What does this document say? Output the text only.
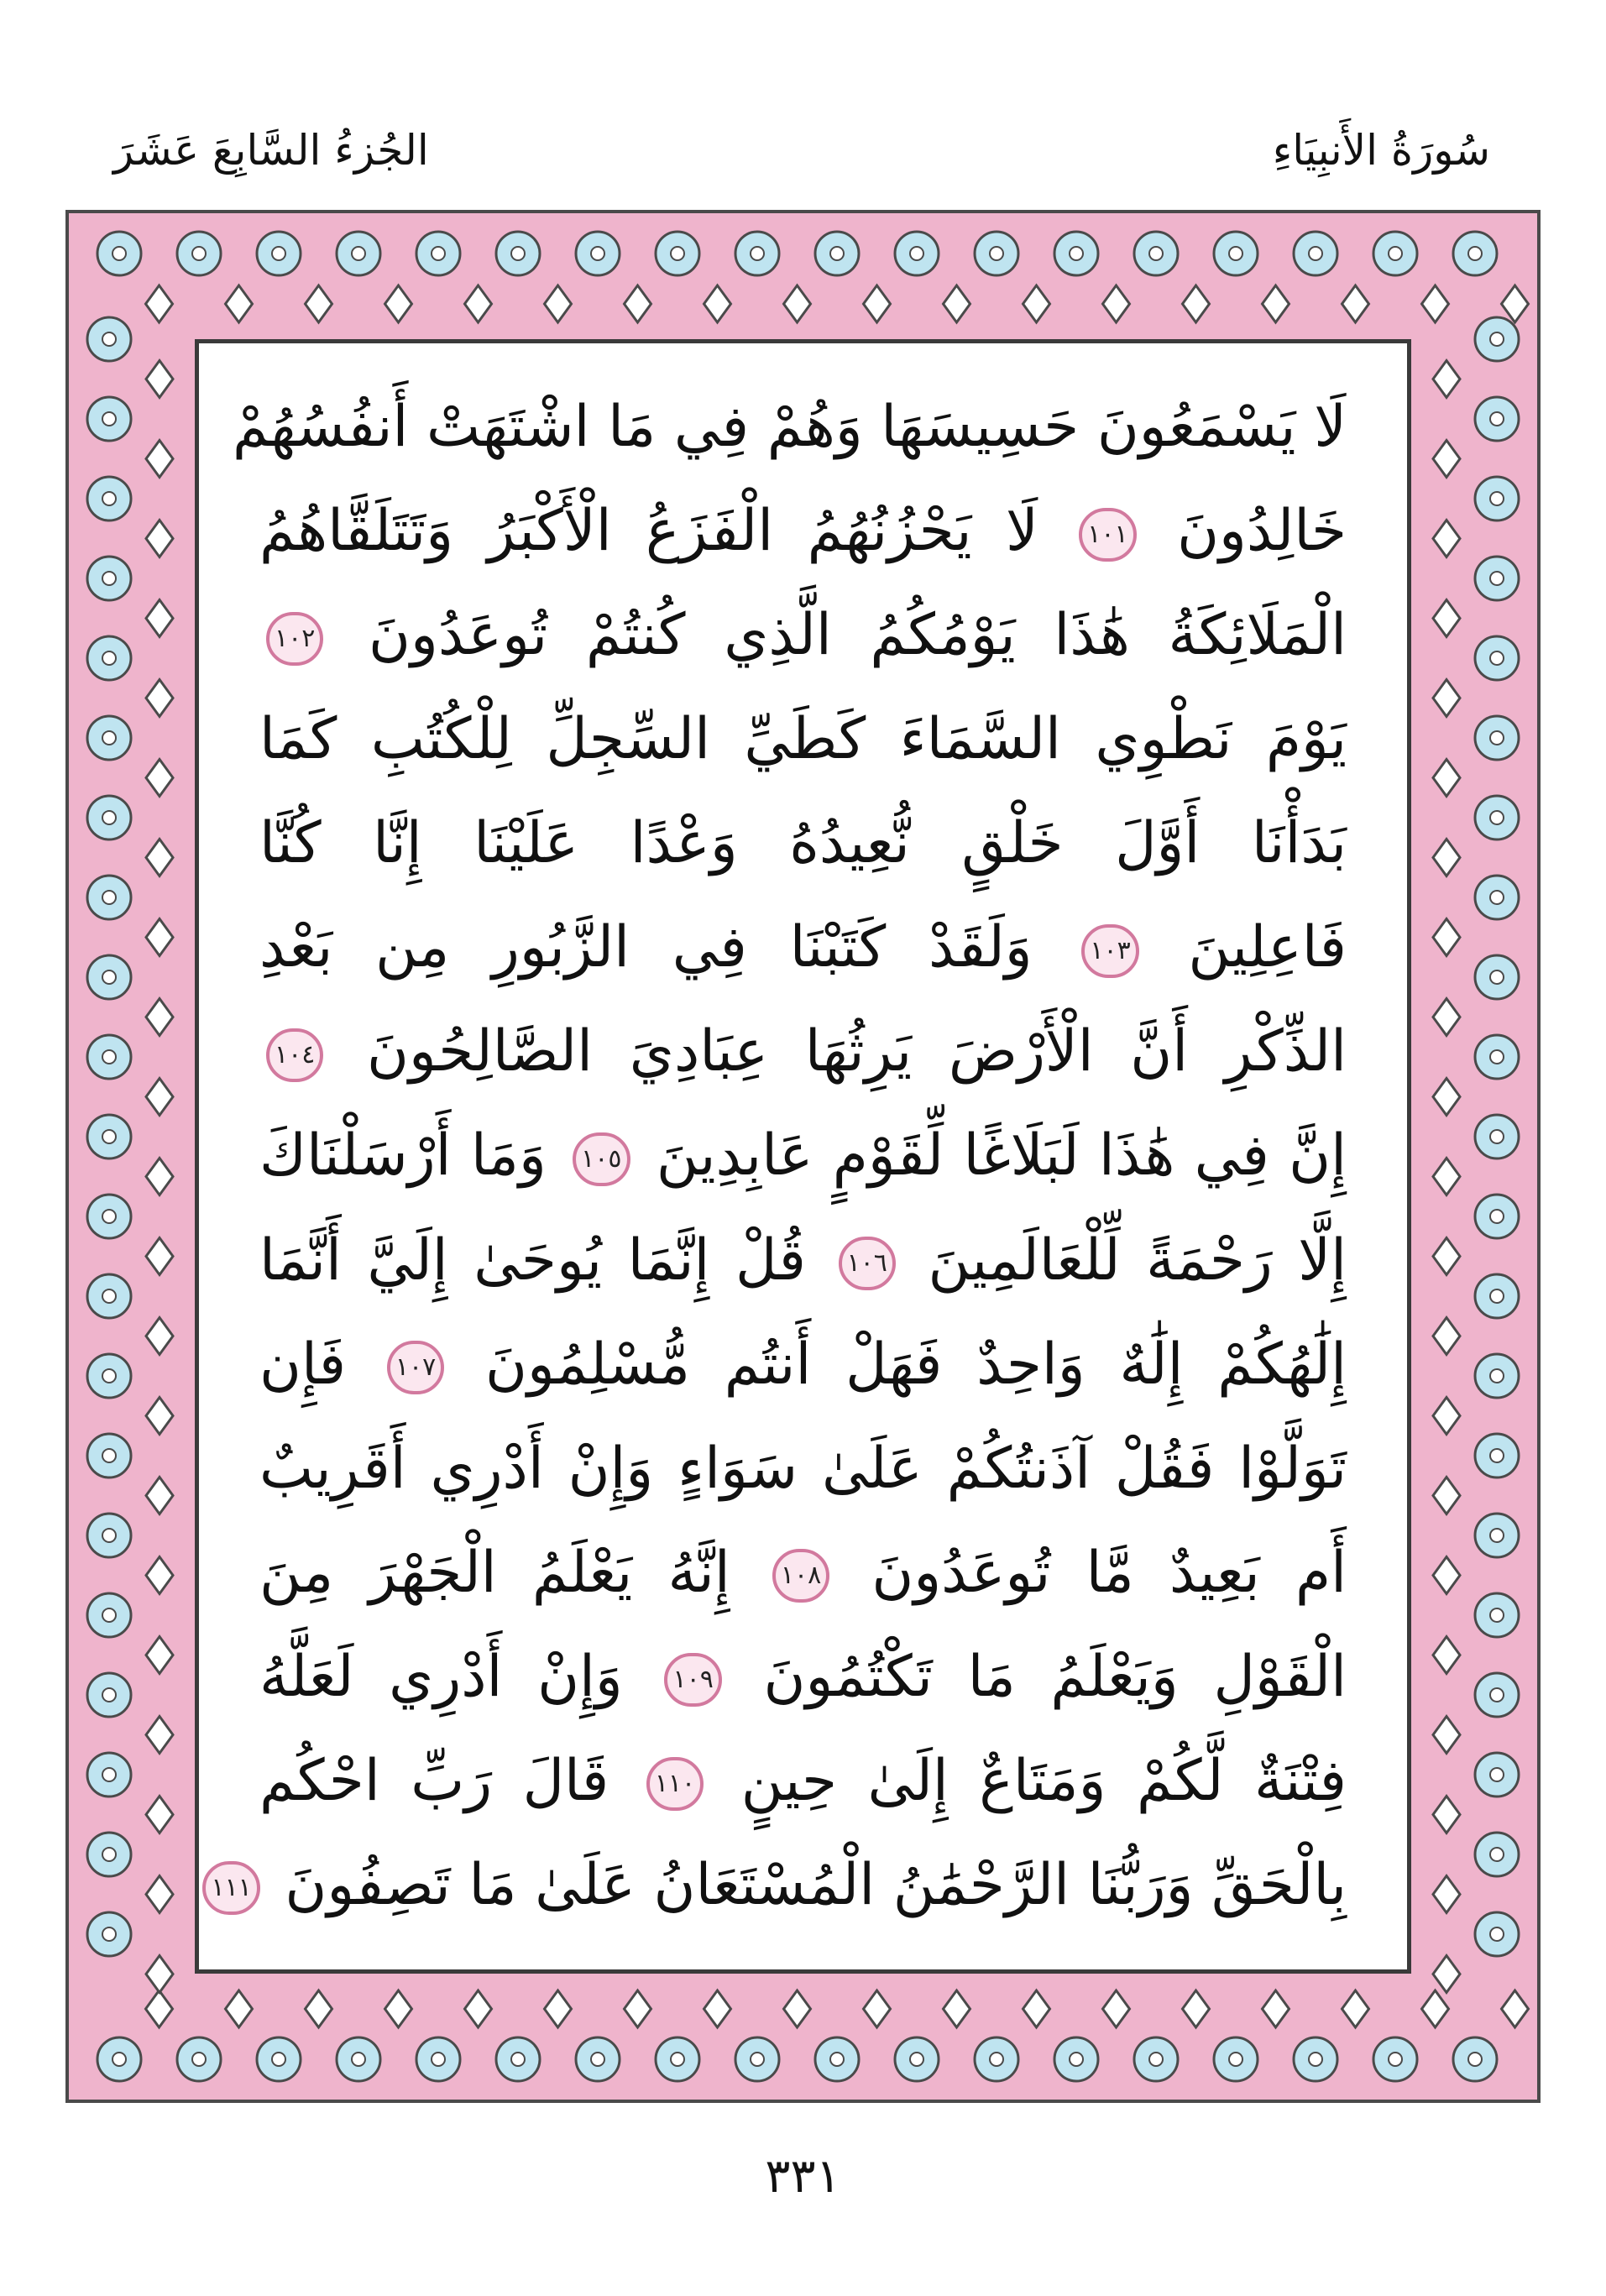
سُورَةُ الأَنبِيَاءِ
الجُزءُ السَّابِعَ عَشَرَ
لَا يَسْمَعُونَ حَسِيسَهَا وَهُمْ فِي مَا اشْتَهَتْ أَنفُسُهُمْ
خَالِدُونَ ١٠١ لَا يَحْزُنُهُمُ الْفَزَعُ الْأَكْبَرُ وَتَتَلَقَّاهُمُ
الْمَلَائِكَةُ هَٰذَا يَوْمُكُمُ الَّذِي كُنتُمْ تُوعَدُونَ ١٠٢
يَوْمَ نَطْوِي السَّمَاءَ كَطَيِّ السِّجِلِّ لِلْكُتُبِ كَمَا
بَدَأْنَا أَوَّلَ خَلْقٍ نُّعِيدُهُ وَعْدًا عَلَيْنَا إِنَّا كُنَّا
فَاعِلِينَ ١٠٣ وَلَقَدْ كَتَبْنَا فِي الزَّبُورِ مِن بَعْدِ
الذِّكْرِ أَنَّ الْأَرْضَ يَرِثُهَا عِبَادِيَ الصَّالِحُونَ ١٠٤
إِنَّ فِي هَٰذَا لَبَلَاغًا لِّقَوْمٍ عَابِدِينَ ١٠٥ وَمَا أَرْسَلْنَاكَ
إِلَّا رَحْمَةً لِّلْعَالَمِينَ ١٠٦ قُلْ إِنَّمَا يُوحَىٰ إِلَيَّ أَنَّمَا
إِلَٰهُكُمْ إِلَٰهٌ وَاحِدٌ فَهَلْ أَنتُم مُّسْلِمُونَ ١٠٧ فَإِن
تَوَلَّوْا فَقُلْ آذَنتُكُمْ عَلَىٰ سَوَاءٍ وَإِنْ أَدْرِي أَقَرِيبٌ
أَم بَعِيدٌ مَّا تُوعَدُونَ ١٠٨ إِنَّهُ يَعْلَمُ الْجَهْرَ مِنَ
الْقَوْلِ وَيَعْلَمُ مَا تَكْتُمُونَ ١٠٩ وَإِنْ أَدْرِي لَعَلَّهُ
فِتْنَةٌ لَّكُمْ وَمَتَاعٌ إِلَىٰ حِينٍ ١١٠ قَالَ رَبِّ احْكُم
بِالْحَقِّ وَرَبُّنَا الرَّحْمَٰنُ الْمُسْتَعَانُ عَلَىٰ مَا تَصِفُونَ ١١١
٣٣١
